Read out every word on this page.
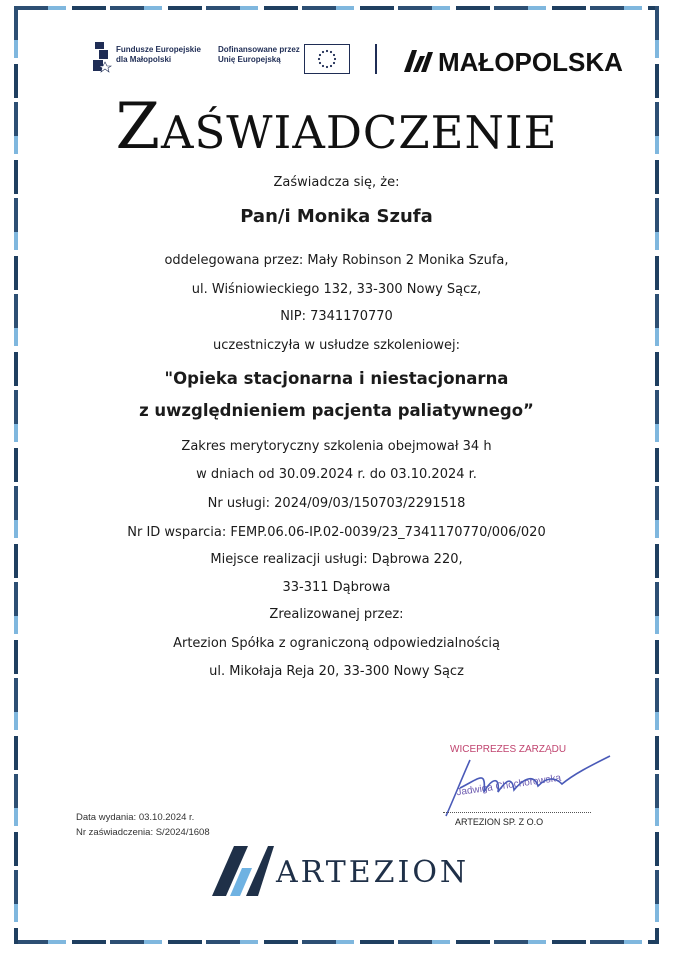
Fundusze Europejskie
dla Małopolski
Dofinansowane przez
Unię Europejską	MAŁOPOLSKA
Zaświadczenie
Zaświadcza się, że:
Pan/i Monika Szufa
oddelegowana przez: Mały Robinson 2 Monika Szufa,
ul. Wiśniowieckiego 132, 33-300 Nowy Sącz,
NIP: 7341170770
uczestniczyła w usłudze szkoleniowej:
"Opieka stacjonarna i niestacjonarna
z uwzględnieniem pacjenta paliatywnego”
Zakres merytoryczny szkolenia obejmował 34 h
w dniach od 30.09.2024 r. do 03.10.2024 r.
Nr usługi: 2024/09/03/150703/2291518
Nr ID wsparcia: FEMP.06.06-IP.02-0039/23_7341170770/006/020
Miejsce realizacji usługi: Dąbrowa 220,
33-311 Dąbrowa
Zrealizowanej przez:
Artezion Spółka z ograniczoną odpowiedzialnością
ul. Mikołaja Reja 20, 33-300 Nowy Sącz
Data wydania: 03.10.2024 r.
Nr zaświadczenia: S/2024/1608
WICEPREZES ZARZĄDU
Jadwiga Chochorowska
ARTEZION SP. Z O.O
ARTEZION
